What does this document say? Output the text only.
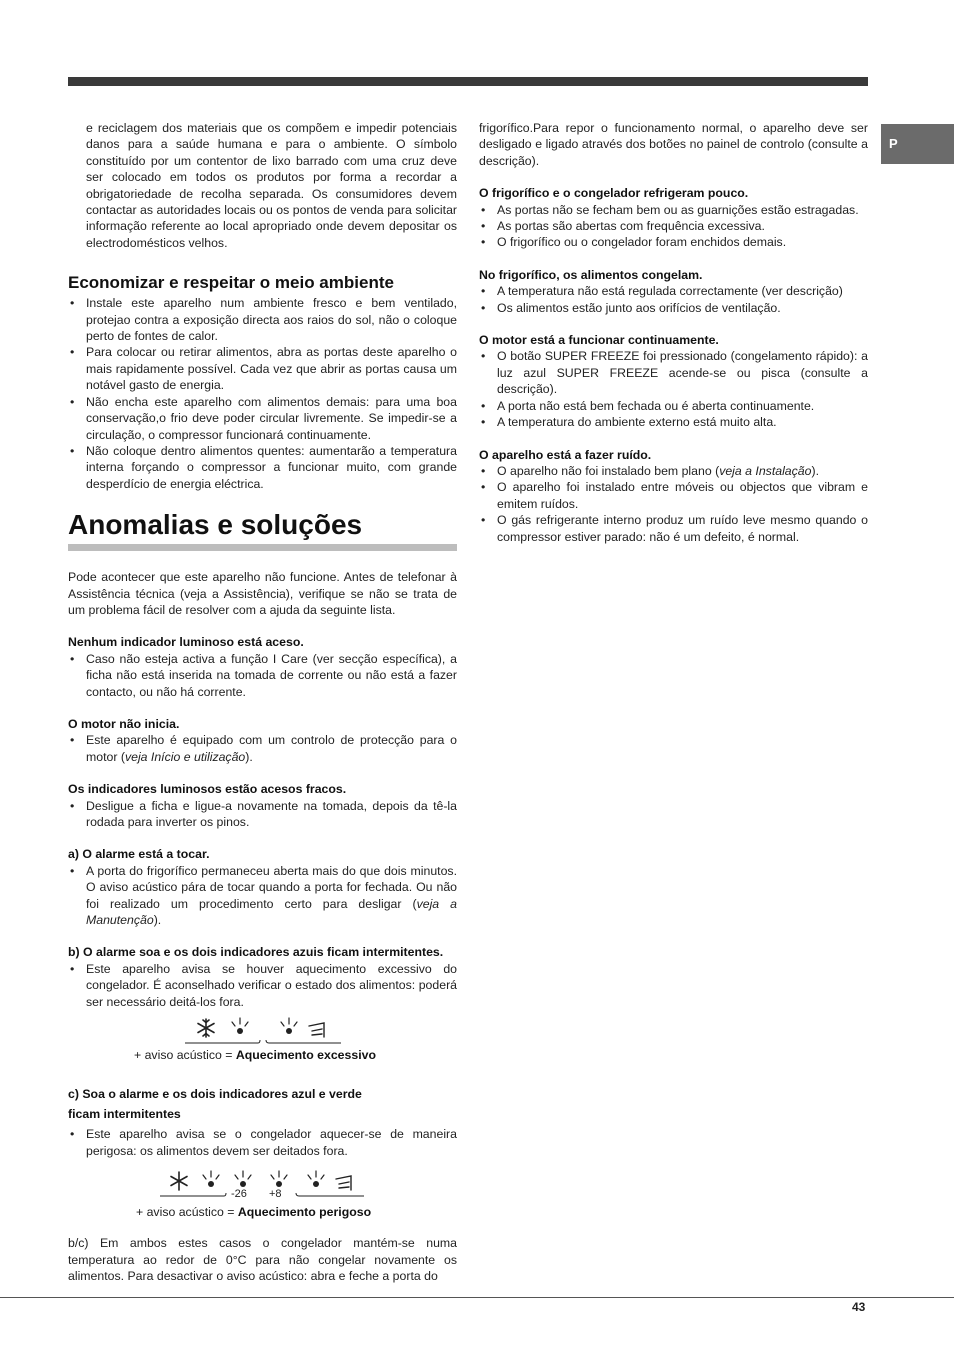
P

e reciclagem dos materiais que os compõem e impedir potenciais danos para a saúde humana e para o ambiente. O símbolo constituído por um contentor de lixo barrado com uma cruz deve ser colocado em todos os produtos por forma a recordar a obrigatoriedade de recolha separada. Os consumidores devem contactar as autoridades locais ou os pontos de venda para solicitar informação referente ao local apropriado onde devem depositar os electrodomésticos velhos.

Economizar e respeitar o meio ambiente
• Instale este aparelho num ambiente fresco e bem ventilado, protejao contra a exposição directa aos raios do sol, não o coloque perto de fontes de calor.
• Para colocar ou retirar alimentos, abra as portas deste aparelho o mais rapidamente possível. Cada vez que abrir as portas causa um notável gasto de energia.
• Não encha este aparelho com alimentos demais: para uma boa conservação,o frio deve poder circular livremente. Se impedir-se a circulação, o compressor funcionará continuamente.
• Não coloque dentro alimentos quentes: aumentarão a temperatura interna forçando o compressor a funcionar muito, com grande desperdício de energia eléctrica.
Anomalias e soluções

Pode acontecer que este aparelho não funcione. Antes de telefonar à Assistência técnica (veja a Assistência), verifique se não se trata de um problema fácil de resolver com a ajuda da seguinte lista.

Nenhum indicador luminoso está aceso.

• Caso não esteja activa a função I Care (ver secção específica), a ficha não está inserida na tomada de corrente ou não está a fazer contacto, ou não há corrente.

O motor não inicia.

• Este aparelho é equipado com um controlo de protecção para o motor (veja Início e utilização).

Os indicadores luminosos estão acesos fracos.

• Desligue a ficha e ligue-a novamente na tomada, depois da tê-la rodada para inverter os pinos.

a) O alarme está a tocar.

• A porta do frigorífico permaneceu aberta mais do que dois minutos. O aviso acústico pára de tocar quando a porta for fechada. Ou não foi realizado um procedimento certo para desligar (veja a Manutenção).

b) O alarme soa e os dois indicadores azuis ficam intermitentes.

• Este aparelho avisa se houver aquecimento excessivo do congelador. É aconselhado verificar o estado dos alimentos: poderá ser necessário deitá-los fora.
+ aviso acústico = Aquecimento excessivo

c) Soa o alarme e os dois indicadores azul e verde
ficam intermitentes

• Este aparelho avisa se o congelador aquecer-se de maneira perigosa: os alimentos devem ser deitados fora.
-26 +8
+ aviso acústico = Aquecimento perigoso

b/c) Em ambos estes casos o congelador mantém-se numa temperatura ao redor de 0°C para não congelar novamente os alimentos. Para desactivar o aviso acústico: abra e feche a porta do

frigorífico.Para repor o funcionamento normal, o aparelho deve ser desligado e ligado através dos botões no painel de controlo (consulte a descrição).

O frigorífico e o congelador refrigeram pouco.

• As portas não se fecham bem ou as guarnições estão estragadas.
• As portas são abertas com frequência excessiva.
• O frigorífico ou o congelador foram enchidos demais.

No frigorífico, os alimentos congelam.

• A temperatura não está regulada correctamente (ver descrição)
• Os alimentos estão junto aos orifícios de ventilação.

O motor está a funcionar continuamente.

• O botão SUPER FREEZE foi pressionado (congelamento rápido): a luz azul SUPER FREEZE acende-se ou pisca (consulte a descrição).
• A porta não está bem fechada ou é aberta continuamente.
• A temperatura do ambiente externo está muito alta.

O aparelho está a fazer ruído.

• O aparelho não foi instalado bem plano (veja a Instalação).
• O aparelho foi instalado entre móveis ou objectos que vibram e emitem ruídos.
• O gás refrigerante interno produz um ruído leve mesmo quando o compressor estiver parado: não é um defeito, é normal.
43
